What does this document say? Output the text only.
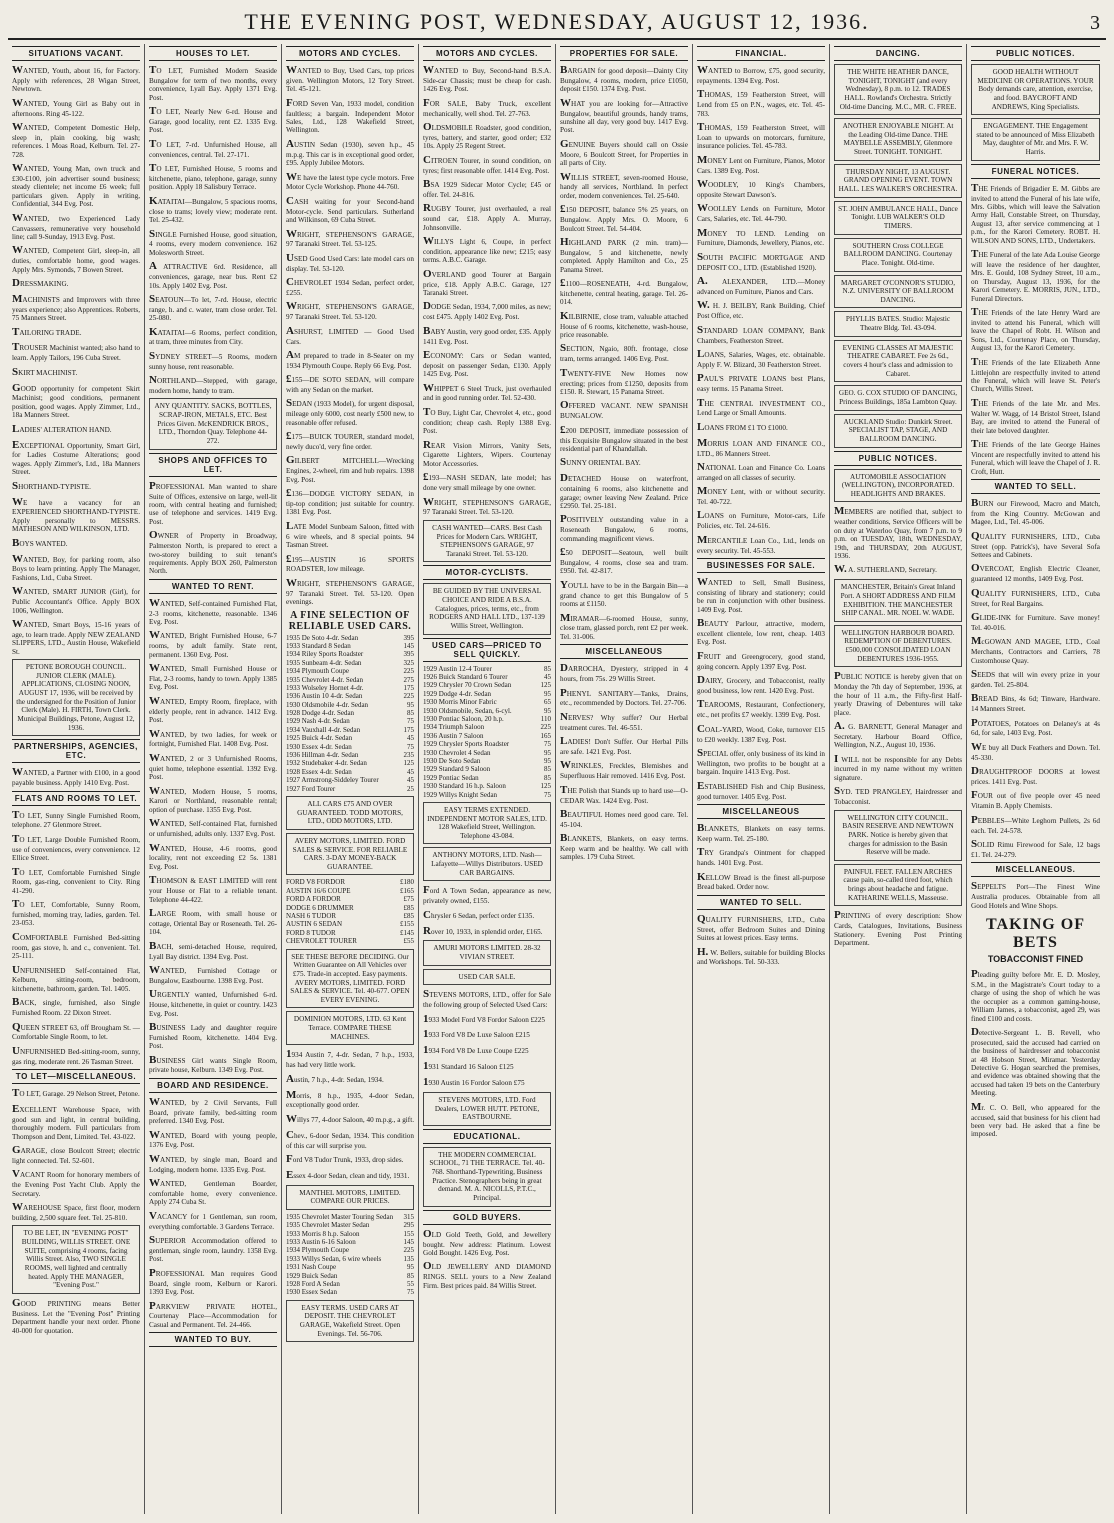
THE EVENING POST, WEDNESDAY, AUGUST 12, 1936.	3
SITUATIONS VACANT.

WANTED, Youth, about 16, for Factory. Apply with references, 28 Wigan Street, Newtown.

WANTED, Young Girl as Baby out in afternoons. Ring 45-122.

WANTED, Competent Domestic Help, sleep in, plain cooking, big wash; references. 1 Moas Road, Kelburn. Tel. 27-728.

WANTED, Young Man, own truck and £30-£100, join advertiser sound business; steady clientele; net income £6 week; full particulars given. Apply in writing, Confidential, 344 Evg. Post.

WANTED, two Experienced Lady Canvassers, remunerative very household line; call 9-Sunday, 1913 Evg. Post.

WANTED, Competent Girl, sleep-in, all duties, comfortable home, good wages. Apply Mrs. Symonds, 7 Bowen Street.

DRESSMAKING.

MACHINISTS and Improvers with three years experience; also Apprentices. Roberts, 75 Manners Street.

TAILORING TRADE.

TROUSER Machinist wanted; also hand to learn. Apply Tailors, 196 Cuba Street.

SKIRT MACHINIST.

GOOD opportunity for competent Skirt Machinist; good conditions, permanent position, good wages. Apply Zimmer, Ltd., 18a Manners Street.

LADIES' ALTERATION HAND.

EXCEPTIONAL Opportunity, Smart Girl, for Ladies Costume Alterations; good wages. Apply Zimmer's, Ltd., 18a Manners Street.

SHORTHAND-TYPISTE.

WE have a vacancy for an EXPERIENCED SHORTHAND-TYPISTE. Apply personally to MESSRS. MATHESON AND WILKINSON, LTD.

BOYS WANTED.

WANTED, Boy, for parking room, also Boys to learn printing. Apply The Manager, Fashions, Ltd., Cuba Street.

WANTED, SMART JUNIOR (Girl), for Public Accountant's Office. Apply BOX 1006, Wellington.

WANTED, Smart Boys, 15-16 years of age, to learn trade. Apply NEW ZEALAND SLIPPERS, LTD., Austin House, Wakefield St.

PETONE BOROUGH COUNCIL. JUNIOR CLERK (MALE). APPLICATIONS, CLOSING NOON, AUGUST 17, 1936, will be received by the undersigned for the Position of Junior Clerk (Male). H. FIRTH, Town Clerk. Municipal Buildings, Petone, August 12, 1936.
PARTNERSHIPS, AGENCIES, ETC.

WANTED, a Partner with £100, in a good payable business. Apply 1410 Evg. Post.

FLATS AND ROOMS TO LET.

TO LET, Sunny Single Furnished Room, telephone. 27 Glenmore Street.

TO LET, Large Double Furnished Room, use of conveniences, every convenience. 12 Ellice Street.

TO LET, Comfortable Furnished Single Room, gas-ring, convenient to City. Ring 41-290.

TO LET, Comfortable, Sunny Room, furnished, morning tray, ladies, garden. Tel. 23-053.

COMFORTABLE Furnished Bed-sitting room, gas stove, h. and c., convenient. Tel. 25-111.

UNFURNISHED Self-contained Flat, Kelburn, sitting-room, bedroom, kitchenette, bathroom, garden. Tel. 1405.

BACK, single, furnished, also Single Furnished Room. 22 Dixon Street.

QUEEN STREET 63, off Brougham St. — Comfortable Single Room, to let.

UNFURNISHED Bed-sitting-room, sunny, gas ring, moderate rent. 26 Tasman Street.

TO LET—MISCELLANEOUS.

TO LET, Garage. 29 Nelson Street, Petone.

EXCELLENT Warehouse Space, with good sun and light, in central building, thoroughly modern. Full particulars from Thompson and Dent, Limited. Tel. 43-022.

GARAGE, close Boulcott Street; electric light connected. Tel. 52-601.

VACANT Room for honorary members of the Evening Post Yacht Club. Apply the Secretary.

WAREHOUSE Space, first floor, modern building, 2,500 square feet. Tel. 25-810.

TO BE LET, IN "EVENING POST" BUILDING, WILLIS STREET. ONE SUITE, comprising 4 rooms, facing Willis Street. Also, TWO SINGLE ROOMS, well lighted and centrally heated. Apply THE MANAGER, "Evening Post."

GOOD PRINTING means Better Business. Let the "Evening Post" Printing Department handle your next order. Phone 40-000 for quotation.

HOUSES TO LET.

TO LET, Furnished Modern Seaside Bungalow for term of two months, every convenience, Lyall Bay. Apply 1371 Evg. Post.

TO LET, Nearly New 6-rd. House and Garage, good locality, rent £2. 1335 Evg. Post.

TO LET, 7-rd. Unfurnished House, all conveniences, central. Tel. 27-171.

TO LET, Furnished House, 5 rooms and kitchenette, piano, telephone, garage, sunny position. Apply 18 Salisbury Terrace.

KATAITAI—Bungalow, 5 spacious rooms, close to trams; lovely view; moderate rent. Tel. 25-432.

SINGLE Furnished House, good situation, 4 rooms, every modern convenience. 162 Molesworth Street.

A ATTRACTIVE 6rd. Residence, all conveniences, garage, near bus. Rent £2 10s. Apply 1402 Evg. Post.

SEATOUN—To let, 7-rd. House, electric range, h. and c. water, tram close order. Tel. 25-080.

KATAITAI—6 Rooms, perfect condition, at tram, three minutes from City.

SYDNEY STREET—5 Rooms, modern sunny house, rent reasonable.

NORTHLAND—Stepped, with garage, modern home, handy to tram.

ANY QUANTITY. SACKS, BOTTLES, SCRAP-IRON, METALS, ETC. Best Prices Given. McKENDRICK BROS., LTD., Thorndon Quay. Telephone 44-272.
SHOPS AND OFFICES TO LET.

PROFESSIONAL Man wanted to share Suite of Offices, extensive on large, well-lit room, with central heating and furnished; use of telephone and services. 1419 Evg. Post.

OWNER of Property in Broadway, Palmerston North, is prepared to erect a two-storey building to suit tenant's requirements. Apply BOX 260, Palmerston North.

WANTED TO RENT.

WANTED, Self-contained Furnished Flat, 2-3 rooms, kitchenette, reasonable. 1346 Evg. Post.

WANTED, Bright Furnished House, 6-7 rooms, by adult family. State rent, permanent. 1360 Evg. Post.

WANTED, Small Furnished House or Flat, 2-3 rooms, handy to town. Apply 1385 Evg. Post.

WANTED, Empty Room, fireplace, with elderly people, rent in advance. 1412 Evg. Post.

WANTED, by two ladies, for week or fortnight, Furnished Flat. 1408 Evg. Post.

WANTED, 2 or 3 Unfurnished Rooms, quiet home, telephone essential. 1392 Evg. Post.

WANTED, Modern House, 5 rooms, Karori or Northland, reasonable rental; option of purchase. 1355 Evg. Post.

WANTED, Self-contained Flat, furnished or unfurnished, adults only. 1337 Evg. Post.

WANTED, House, 4-6 rooms, good locality, rent not exceeding £2 5s. 1381 Evg. Post.

THOMSON & EAST LIMITED will rent your House or Flat to a reliable tenant. Telephone 44-422.

LARGE Room, with small house or cottage, Oriental Bay or Roseneath. Tel. 26-104.

BACH, semi-detached House, required, Lyall Bay district. 1394 Evg. Post.

WANTED, Furnished Cottage or Bungalow, Eastbourne. 1398 Evg. Post.

URGENTLY wanted, Unfurnished 6-rd. House, kitchenette, in quiet or country. 1423 Evg. Post.

BUSINESS Lady and daughter require Furnished Room, kitchenette. 1404 Evg. Post.

BUSINESS Girl wants Single Room, private house, Kelburn. 1349 Evg. Post.

BOARD AND RESIDENCE.

WANTED, by 2 Civil Servants, Full Board, private family, bed-sitting room preferred. 1340 Evg. Post.

WANTED, Board with young people, 1376 Evg. Post.

WANTED, by single man, Board and Lodging, modern home. 1335 Evg. Post.

WANTED, Gentleman Boarder, comfortable home, every convenience. Apply 274 Cuba St.

VACANCY for 1 Gentleman, sun room, everything comfortable. 3 Gardens Terrace.

SUPERIOR Accommodation offered to gentleman, single room, laundry. 1358 Evg. Post.

PROFESSIONAL Man requires Good Board, single room, Kelburn or Karori. 1393 Evg. Post.

PARKVIEW PRIVATE HOTEL, Courtenay Place—Accommodation for Casual and Permanent. Tel. 24-466.

WANTED TO BUY.
MOTORS AND CYCLES.

WANTED to Buy, Used Cars, top prices given. Wellington Motors, 12 Tory Street. Tel. 45-121.

FORD Seven Van, 1933 model, condition faultless; a bargain. Independent Motor Sales, Ltd., 128 Wakefield Street, Wellington.

AUSTIN Sedan (1930), seven h.p., 45 m.p.g. This car is in exceptional good order, £95. Apply Jubilee Motors.

WE have the latest type cycle motors. Free Motor Cycle Workshop. Phone 44-760.

CASH waiting for your Second-hand Motor-cycle. Send particulars. Sutherland and Wilkinson, 69 Cuba Street.

WRIGHT, STEPHENSON'S GARAGE, 97 Taranaki Street. Tel. 53-125.

USED Good Used Cars: late model cars on display. Tel. 53-120.

CHEVROLET 1934 Sedan, perfect order, £255.

WRIGHT, STEPHENSON'S GARAGE, 97 Taranaki Street. Tel. 53-120.

ASHURST, LIMITED — Good Used Cars.

AM prepared to trade in 8-Seater on my 1934 Plymouth Coupe. Reply 66 Evg. Post.

£155—DE SOTO SEDAN, will compare with any Sedan on the market.

SEDAN (1933 Model), for urgent disposal, mileage only 6000, cost nearly £500 new, to reasonable offer refused.

£175—BUICK TOURER, standard model, newly duco'd, very fine order.

GILBERT MITCHELL—Wrecking Engines, 2-wheel, rim and hub repairs. 1398 Evg. Post.

£136—DODGE VICTORY SEDAN, in tip-top condition; just suitable for country. 1381 Evg. Post.

LATE Model Sunbeam Saloon, fitted with 6 wire wheels, and 8 special points. 94 Tasman Street.

£195—AUSTIN 16 SPORTS ROADSTER, low mileage.

WRIGHT, STEPHENSON'S GARAGE, 97 Taranaki Street. Tel. 53-120. Open evenings.

A FINE SELECTION OF RELIABLE USED CARS.
1935 De Soto 4-dr. Sedan	395
1933 Standard 8 Sedan	145
1934 Riley Sports Roadster	395
1935 Sunbeam 4-dr. Sedan	325
1934 Plymouth Coupe	225
1935 Chevrolet 4-dr. Sedan	275
1933 Wolseley Hornet 4-dr.	175
1936 Austin 10 4-dr. Sedan	225
1930 Oldsmobile 4-dr. Sedan	95
1928 Dodge 4-dr. Sedan	85
1929 Nash 4-dr. Sedan	75
1934 Vauxhall 4-dr. Sedan	175
1925 Buick 4-dr. Sedan	45
1930 Essex 4-dr. Sedan	75
1936 Hillman 4-dr. Sedan	235
1932 Studebaker 4-dr. Sedan	125
1928 Essex 4-dr. Sedan	45
1927 Armstrong-Siddeley Tourer	45
1927 Ford Tourer	25
ALL CARS £75 AND OVER GUARANTEED. TODD MOTORS, LTD., ODD MOTORS, LTD.
AVERY MOTORS, LIMITED. FORD SALES & SERVICE. FOR RELIABLE CARS. 3-DAY MONEY-BACK GUARANTEE.
FORD V8 FORDOR	£180
AUSTIN 16/6 COUPE	£165
FORD A FORDOR	£75
DODGE 6 DRUMMER	£85
NASH 6 TUDOR	£85
AUSTIN 6 SEDAN	£155
FORD 8 TUDOR	£145
CHEVROLET TOURER	£55
SEE THESE BEFORE DECIDING. Our Written Guarantee on All Vehicles over £75. Trade-in accepted. Easy payments. AVERY MOTORS, LIMITED. FORD SALES & SERVICE. Tel. 40-677. OPEN EVERY EVENING.
DOMINION MOTORS, LTD. 63 Kent Terrace. COMPARE THESE MACHINES.

1934 Austin 7, 4-dr. Sedan, 7 h.p., 1933, has had very little work.

Austin, 7 h.p., 4-dr. Sedan, 1934.

Morris, 8 h.p., 1935, 4-door Sedan, exceptionally good order.

Willys 77, 4-door Saloon, 40 m.p.g., a gift.

Chev., 6-door Sedan, 1934. This condition of this car will surprise you.

Ford V8 Tudor Trunk, 1933, drop sides.

Essex 4-door Sedan, clean and tidy, 1931.

MANTHEL MOTORS, LIMITED. COMPARE OUR PRICES.
1935 Chevrolet Master Touring Sedan 315
1935 Chevrolet Master Sedan	295
1933 Morris 8 h.p. Saloon	155
1933 Austin 6-16 Saloon	145
1934 Plymouth Coupe	225
1933 Willys Sedan, 6 wire wheels	135
1931 Nash Coupe	95
1929 Buick Sedan	85
1928 Ford A Sedan	55
1930 Essex Sedan	75
EASY TERMS. USED CARS AT DEPOSIT. THE CHEVROLET GARAGE, Wakefield Street. Open Evenings. Tel. 56-706.
MOTORS AND CYCLES.

WANTED to Buy, Second-hand B.S.A. Side-car Chassis; must be cheap for cash. 1426 Evg. Post.

FOR SALE, Baby Truck, excellent mechanically, well shod. Tel. 27-763.

OLDSMOBILE Roadster, good condition, tyres, battery, and starter, good order; £32 10s. Apply 25 Regent Street.

CITROEN Tourer, in sound condition, on tyres; first reasonable offer. 1414 Evg. Post.

BSA 1929 Sidecar Motor Cycle; £45 or offer. Tel. 24-816.

RUGBY Tourer, just overhauled, a real sound car, £18. Apply A. Murray, Johnsonville.

WILLYS Light 6, Coupe, in perfect condition, appearance like new; £215; easy terms. A.B.C. Garage.

OVERLAND good Tourer at Bargain price, £18. Apply A.B.C. Garage, 127 Taranaki Street.

DODGE Sedan, 1934, 7,000 miles, as new; cost £475. Apply 1402 Evg. Post.

BABY Austin, very good order, £35. Apply 1411 Evg. Post.

ECONOMY: Cars or Sedan wanted, deposit on passenger Sedan, £130. Apply 1425 Evg. Post.

WHIPPET 6 Steel Truck, just overhauled and in good running order. Tel. 52-430.

TO Buy, Light Car, Chevrolet 4, etc., good condition; cheap cash. Reply 1388 Evg. Post.

REAR Vision Mirrors, Vanity Sets, Cigarette Lighters, Wipers. Courtenay Motor Accessories.

£193—NASH SEDAN, late model; has done very small mileage by one owner.

WRIGHT, STEPHENSON'S GARAGE, 97 Taranaki Street. Tel. 53-120.

CASH WANTED—CARS. Best Cash Prices for Modern Cars. WRIGHT, STEPHENSON'S GARAGE, 97 Taranaki Street. Tel. 53-120.
MOTOR-CYCLISTS.
BE GUIDED BY THE UNIVERSAL CHOICE AND RIDE A B.S.A. Catalogues, prices, terms, etc., from RODGERS AND HALL LTD., 137-139 Willis Street, Wellington.
USED CARS—PRICED TO SELL QUICKLY.
1929 Austin 12-4 Tourer	85
1926 Buick Standard 6 Tourer	45
1929 Chrysler 70 Crown Sedan	125
1929 Dodge 4-dr. Sedan	95
1930 Morris Minor Fabric	65
1930 Oldsmobile, Sedan, 6-cyl.	95
1930 Pontiac Saloon, 20 h.p.	110
1934 Triumph Saloon	225
1936 Austin 7 Saloon	165
1929 Chrysler Sports Roadster	75
1930 Chevrolet 4 Sedan	95
1930 De Soto Sedan	95
1929 Standard 9 Saloon	85
1929 Pontiac Sedan	85
1930 Standard 16 h.p. Saloon	125
1929 Willys Knight Sedan	75
EASY TERMS EXTENDED. INDEPENDENT MOTOR SALES, LTD. 128 Wakefield Street, Wellington. Telephone 43-084.
ANTHONY MOTORS, LTD. Nash—Lafayette—Willys Distributors. USED CAR BARGAINS.

Ford A Town Sedan, appearance as new, privately owned, £155.

Chrysler 6 Sedan, perfect order £135.

Rover 10, 1933, in splendid order, £165.

AMURI MOTORS LIMITED. 28-32 VIVIAN STREET.
USED CAR SALE.

STEVENS MOTORS, LTD., offer for Sale the following group of Selected Used Cars:

1933 Model Ford V8 Fordor Saloon £225

1933 Ford V8 De Luxe Saloon £215

1934 Ford V8 De Luxe Coupe £225

1931 Standard 16 Saloon £125

1930 Austin 16 Fordor Saloon £75

STEVENS MOTORS, LTD. Ford Dealers, LOWER HUTT. PETONE, EASTBOURNE.
EDUCATIONAL.
THE MODERN COMMERCIAL SCHOOL, 71 THE TERRACE. Tel. 40-768. Shorthand-Typewriting, Business Practice. Stenographers being in great demand. M. A. NICOLLS, P.T.C., Principal.
GOLD BUYERS.

OLD Gold Teeth, Gold, and Jewellery bought. New address: Platinum. Lowest Gold Bought. 1426 Evg. Post.

OLD JEWELLERY AND DIAMOND RINGS. SELL yours to a New Zealand Firm. Best prices paid. 84 Willis Street.

PROPERTIES FOR SALE.

BARGAIN for good deposit—Dainty City Bungalow, 4 rooms, modern, price £1050, deposit £150. 1374 Evg. Post.

WHAT you are looking for—Attractive Bungalow, beautiful grounds, handy trams, sunshine all day, very good buy. 1417 Evg. Post.

GENUINE Buyers should call on Ossie Moore, 6 Boulcott Street, for Properties in all parts of City.

WILLIS STREET, seven-roomed House, handy all services, Northland. In perfect order, modern conveniences. Tel. 25-640.

£150 DEPOSIT, balance 5% 25 years, on Bungalow. Apply Mrs. O. Moore, 6 Boulcott Street. Tel. 54-404.

HIGHLAND PARK (2 min. tram)—Bungalow, 5 and kitchenette, newly completed. Apply Hamilton and Co., 25 Panama Street.

£1100—ROSENEATH, 4-rd. Bungalow, kitchenette, central heating, garage. Tel. 26-014.

KILBIRNIE, close tram, valuable attached House of 6 rooms, kitchenette, wash-house, price reasonable.

SECTION, Ngaio, 80ft. frontage, close tram, terms arranged. 1406 Evg. Post.

TWENTY-FIVE New Homes now erecting; prices from £1250, deposits from £150. R. Stewart, 15 Panama Street.

OFFERED VACANT. NEW SPANISH BUNGALOW.

£200 DEPOSIT, immediate possession of this Exquisite Bungalow situated in the best residential part of Khandallah.

SUNNY ORIENTAL BAY.

DETACHED House on waterfront, containing 6 rooms, also kitchenette and garage; owner leaving New Zealand. Price £2950. Tel. 25-181.

POSITIVELY outstanding value in a Roseneath Bungalow, 6 rooms, commanding magnificent views.

£50 DEPOSIT—Seatoun, well built Bungalow, 4 rooms, close sea and tram. £950. Tel. 42-817.

YOU'LL have to be in the Bargain Bin—a grand chance to get this Bungalow of 5 rooms at £1150.

MIRAMAR—6-roomed House, sunny, close tram, glassed porch, rent £2 per week. Tel. 31-006.

MISCELLANEOUS

DARROCHA, Dyestery, stripped in 4 hours, from 75s. 29 Willis Street.

PHENYL SANITARY—Tanks, Drains, etc., recommended by Doctors. Tel. 27-706.

NERVES? Why suffer? Our Herbal treatment cures. Tel. 46-551.

LADIES! Don't Suffer. Our Herbal Pills are safe. 1421 Evg. Post.

WRINKLES, Freckles, Blemishes and Superfluous Hair removed. 1416 Evg. Post.

THE Polish that Stands up to hard use—O-CEDAR Wax. 1424 Evg. Post.

BEAUTIFUL Homes need good care. Tel. 45-104.

BLANKETS, Blankets, on easy terms. Keep warm and be healthy. We call with samples. 179 Cuba Street.

FINANCIAL.

WANTED to Borrow, £75, good security, repayments. 1394 Evg. Post.

THOMAS, 159 Featherston Street, will Lend from £5 on P.N., wages, etc. Tel. 45-783.

THOMAS, 159 Featherston Street, will Loan to upwards on motorcars, furniture, insurance policies. Tel. 45-783.

MONEY Lent on Furniture, Pianos, Motor Cars. 1389 Evg. Post.

WOODLEY, 10 King's Chambers, opposite Stewart Dawson's.

WOOLLEY Lends on Furniture, Motor Cars, Salaries, etc. Tel. 44-790.

MONEY TO LEND. Lending on Furniture, Diamonds, Jewellery, Pianos, etc.

SOUTH PACIFIC MORTGAGE AND DEPOSIT CO., LTD. (Established 1920).

A. ALEXANDER, LTD.—Money advanced on Furniture, Pianos and Cars.

W. H. J. BEILBY, Rank Building, Chief Post Office, etc.

STANDARD LOAN COMPANY, Bank Chambers, Featherston Street.

LOANS, Salaries, Wages, etc. obtainable. Apply F. W. Blizard, 30 Featherston Street.

PAUL'S PRIVATE LOANS best Plans, easy terms. 15 Panama Street.

THE CENTRAL INVESTMENT CO., Lend Large or Small Amounts.

LOANS FROM £1 TO £1000.

MORRIS LOAN AND FINANCE CO., LTD., 86 Manners Street.

NATIONAL Loan and Finance Co. Loans arranged on all classes of security.

MONEY Lent, with or without security. Tel. 40-722.

LOANS on Furniture, Motor-cars, Life Policies, etc. Tel. 24-616.

MERCANTILE Loan Co., Ltd., lends on every security. Tel. 45-553.

BUSINESSES FOR SALE.

WANTED to Sell, Small Business, consisting of library and stationery; could be run in conjunction with other business. 1409 Evg. Post.

BEAUTY Parlour, attractive, modern, excellent clientele, low rent, cheap. 1403 Evg. Post.

FRUIT and Greengrocery, good stand, going concern. Apply 1397 Evg. Post.

DAIRY, Grocery, and Tobacconist, really good business, low rent. 1420 Evg. Post.

TEAROOMS, Restaurant, Confectionery, etc., net profits £7 weekly. 1399 Evg. Post.

COAL-YARD, Wood, Coke, turnover £15 to £20 weekly. 1387 Evg. Post.

SPECIAL offer, only business of its kind in Wellington, two profits to be bought at a bargain. Inquire 1413 Evg. Post.

ESTABLISHED Fish and Chip Business, good turnover. 1405 Evg. Post.

MISCELLANEOUS

BLANKETS, Blankets on easy terms. Keep warm. Tel. 25-180.

TRY Grandpa's Ointment for chapped hands. 1401 Evg. Post.

KELLOW Bread is the finest all-purpose Bread baked. Order now.

WANTED TO SELL.

QUALITY FURNISHERS, LTD., Cuba Street, offer Bedroom Suites and Dining Suites at lowest prices. Easy terms.

H. W. Bellers, suitable for building Blocks and Workshops. Tel. 50-333.

DANCING.
THE WHITE HEATHER DANCE, TONIGHT, TONIGHT (and every Wednesday), 8 p.m. to 12. TRADES HALL. Rowland's Orchestra. Strictly Old-time Dancing. M.C., MR. C. FREE.
ANOTHER ENJOYABLE NIGHT. At the Leading Old-time Dance. THE MAYBELLE ASSEMBLY, Glenmore Street. TONIGHT. TONIGHT.
THURSDAY NIGHT, 13 AUGUST. GRAND OPENING EVENT. TOWN HALL. LES WALKER'S ORCHESTRA.
ST. JOHN AMBULANCE HALL, Dance Tonight. LUB WALKER'S OLD TIMERS.
SOUTHERN Cross COLLEGE BALLROOM DANCING. Courtenay Place. Tonight. Old-time.
MARGARET O'CONNOR'S STUDIO, N.Z. UNIVERSITY OF BALLROOM DANCING.
PHYLLIS BATES. Studio: Majestic Theatre Bldg. Tel. 43-094.
EVENING CLASSES AT MAJESTIC THEATRE CABARET. Fee 2s 6d., covers 4 hour's class and admission to Cabaret.
GEO. G. COX STUDIO OF DANCING, Princess Buildings, 185a Lambton Quay.
AUCKLAND Studio: Dunkirk Street. SPECIALIST TAP, STAGE, AND BALLROOM DANCING.
PUBLIC NOTICES.
AUTOMOBILE ASSOCIATION (WELLINGTON), INCORPORATED. HEADLIGHTS AND BRAKES.

MEMBERS are notified that, subject to weather conditions, Service Officers will be on duty at Waterloo Quay, from 7 p.m. to 9 p.m. on TUESDAY, 18th, WEDNESDAY, 19th, and THURSDAY, 20th AUGUST, 1936.

W. A. SUTHERLAND, Secretary.

MANCHESTER, Britain's Great Inland Port. A SHORT ADDRESS AND FILM EXHIBITION. THE MANCHESTER SHIP CANAL. MR. NOEL W. WADE.
WELLINGTON HARBOUR BOARD. REDEMPTION OF DEBENTURES. £500,000 CONSOLIDATED LOAN DEBENTURES 1936-1955.

PUBLIC NOTICE is hereby given that on Monday the 7th day of September, 1936, at the hour of 11 a.m., the Fifty-first Half-yearly Drawing of Debentures will take place.

A. G. BARNETT, General Manager and Secretary. Harbour Board Office, Wellington, N.Z., August 10, 1936.

I WILL not be responsible for any Debts incurred in my name without my written signature.

SYD. TED PRANGLEY, Hairdresser and Tobacconist.

WELLINGTON CITY COUNCIL. BASIN RESERVE AND NEWTOWN PARK. Notice is hereby given that charges for admission to the Basin Reserve will be made.
PAINFUL FEET. FALLEN ARCHES cause pain, so-called tired foot, which brings about headache and fatigue. KATHARINE WELLS, Masseuse.

PRINTING of every description: Show Cards, Catalogues, Invitations, Business Stationery. Evening Post Printing Department.

PUBLIC NOTICES.
GOOD HEALTH WITHOUT MEDICINE OR OPERATIONS. YOUR Body demands care, attention, exercise, and food. BAYCROFT AND ANDREWS, King Specialists.
ENGAGEMENT. THE Engagement stated to be announced of Miss Elizabeth May, daughter of Mr. and Mrs. F. W. Harris.
FUNERAL NOTICES.

THE Friends of Brigadier E. M. Gibbs are invited to attend the Funeral of his late wife, Mrs. Gibbs, which will leave the Salvation Army Hall, Constable Street, on Thursday, August 13, after service commencing at 1 p.m., for the Karori Cemetery. ROBT. H. WILSON AND SONS, LTD., Undertakers.

THE Funeral of the late Ada Louise George will leave the residence of her daughter, Mrs. E. Gould, 108 Sydney Street, 10 a.m., on Thursday, August 13, 1936, for the Karori Cemetery. E. MORRIS, JUN., LTD., Funeral Directors.

THE Friends of the late Henry Ward are invited to attend his Funeral, which will leave the Chapel of Robt. H. Wilson and Sons, Ltd., Courtenay Place, on Thursday, August 13, for the Karori Cemetery.

THE Friends of the late Elizabeth Anne Littlejohn are respectfully invited to attend the Funeral, which will leave St. Peter's Church, Willis Street.

THE Friends of the late Mr. and Mrs. Walter W. Wagg, of 14 Bristol Street, Island Bay, are invited to attend the Funeral of their late beloved daughter.

THE Friends of the late George Haines Vincent are respectfully invited to attend his Funeral, which will leave the Chapel of J. R. Croft, Hutt.

WANTED TO SELL.

BURN our Firewood, Macro and Match, from the King Country. McGowan and Magee, Ltd., Tel. 45-006.

QUALITY FURNISHERS, LTD., Cuba Street (opp. Patrick's), have Several Sofa Settees and Cabinets.

OVERCOAT, English Electric Cleaner, guaranteed 12 months, 1409 Evg. Post.

QUALITY FURNISHERS, LTD., Cuba Street, for Real Bargains.

GLIDE-INK for Furniture. Save money! Tel. 40-016.

McGOWAN AND MAGEE, LTD., Coal Merchants, Contractors and Carriers, 78 Customhouse Quay.

SEEDS that will win every prize in your garden. Tel. 25-804.

BREAD Bins, 4s 6d; Tinware, Hardware. 14 Manners Street.

POTATOES, Potatoes on Delaney's at 4s 6d, for sale, 1403 Evg. Post.

WE buy all Duck Feathers and Down. Tel. 45-330.

DRAUGHTPROOF DOORS at lowest prices. 1411 Evg. Post.

FOUR out of five people over 45 need Vitamin B. Apply Chemists.

PEBBLES—White Leghorn Pullets, 2s 6d each. Tel. 24-578.

SOLID Rimu Firewood for Sale, 12 bags £1. Tel. 24-279.

MISCELLANEOUS.

SEPPELTS Port—The Finest Wine Australia produces. Obtainable from all Good Hotels and Wine Shops.

TAKING OF BETS
TOBACCONIST FINED

Pleading guilty before Mr. E. D. Mosley, S.M., in the Magistrate's Court today to a charge of using the shop of which he was the occupier as a common gaming-house, William James, a tobacconist, aged 29, was fined £100 and costs.

Detective-Sergeant L. B. Revell, who prosecuted, said the accused had carried on the business of hairdresser and tobacconist at 48 Hobson Street, Miramar. Yesterday Detective G. Hogan searched the premises, and evidence was obtained showing that the accused had taken 19 bets on the Canterbury Meeting.

Mr. C. O. Bell, who appeared for the accused, said that business for his client had been very bad. He asked that a fine be imposed.
